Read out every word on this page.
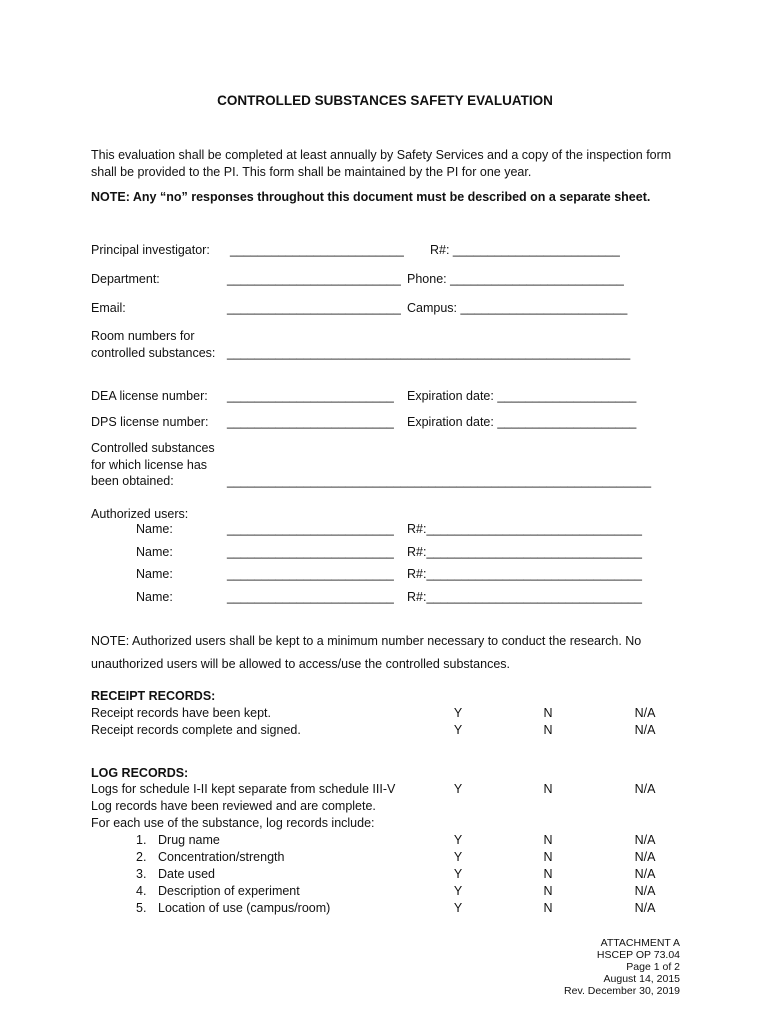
CONTROLLED SUBSTANCES SAFETY EVALUATION
This evaluation shall be completed at least annually by Safety Services and a copy of the inspection form shall be provided to the PI. This form shall be maintained by the PI for one year.
NOTE: Any “no” responses throughout this document must be described on a separate sheet.
Principal investigator: _________________________ R#: ________________________
Department:	_________________________ Phone: _________________________
Email:	_________________________ Campus: ________________________
Room numbers for
controlled substances: __________________________________________________________
DEA license number: ________________________ Expiration date: ____________________
DPS license number: ________________________ Expiration date: ____________________
Controlled substances
for which license has
been obtained:	_____________________________________________________________
Authorized users:
Name:	________________________ R#:_______________________________
Name:	________________________ R#:_______________________________
Name:	________________________ R#:_______________________________
Name:	________________________ R#:_______________________________
NOTE: Authorized users shall be kept to a minimum number necessary to conduct the research. No
unauthorized users will be allowed to access/use the controlled substances.
RECEIPT RECORDS:
Receipt records have been kept.	Y	N	N/A
Receipt records complete and signed.	Y	N	N/A
LOG RECORDS:
Logs for schedule I-II kept separate from schedule III-V	Y	N	N/A
Log records have been reviewed and are complete.
For each use of the substance, log records include:
1. Drug name	Y	N	N/A
2. Concentration/strength	Y	N	N/A
3. Date used	Y	N	N/A
4. Description of experiment	Y	N	N/A
5. Location of use (campus/room)	Y	N	N/A
ATTACHMENT A
HSCEP OP 73.04
Page 1 of 2
August 14, 2015
Rev. December 30, 2019
